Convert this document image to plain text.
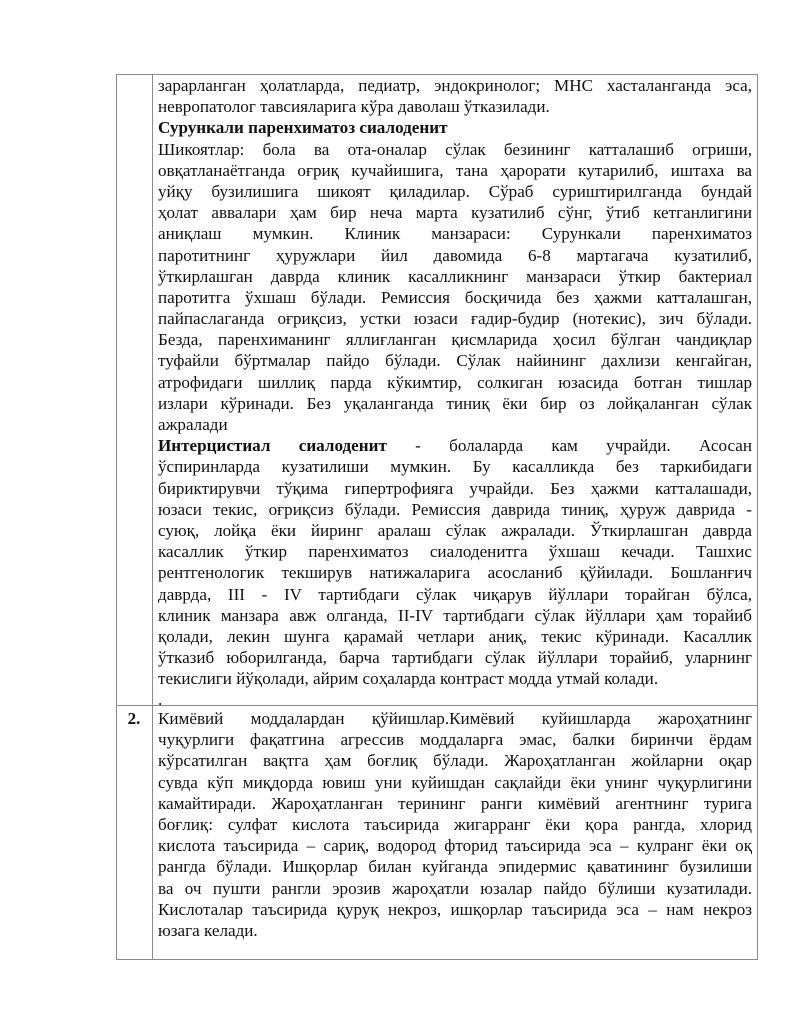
зарарланган ҳолатларда, педиатр, эндокринолог; МНС хасталанганда эса,
невропатолог тавсияларига кўра даволаш ўтказилади.
Сурункали паренхиматоз сиалоденит
Шикоятлар: бола ва ота-оналар сўлак безининг катталашиб огриши,
овқатланаётганда оғриқ кучайишига, тана ҳарорати кутарилиб, иштаха ва
уйқу бузилишига шикоят қиладилар. Сўраб суриштирилганда бундай
ҳолат аввалари ҳам бир неча марта кузатилиб сўнг, ўтиб кетганлигини
аниқлаш мумкин. Клиник манзараси: Сурункали паренхиматоз
паротитнинг ҳуружлари йил давомида 6-8 мартагача кузатилиб,
ўткирлашган даврда клиник касалликнинг манзараси ўткир бактериал
паротитга ўхшаш бўлади. Ремиссия босқичида без ҳажми катталашган,
пайпаслаганда оғриқсиз, устки юзаси ғадир-будир (нотекис), зич бўлади.
Безда, паренхиманинг яллиғланган қисмларида ҳосил бўлган чандиқлар
туфайли бўртмалар пайдо бўлади. Сўлак найининг дахлизи кенгайган,
атрофидаги шиллиқ парда кўкимтир, солкиган юзасида ботган тишлар
излари кўринади. Без уқаланганда тиниқ ёки бир оз лойқаланган сўлак
ажралади
Интерцистиал сиалоденит - болаларда кам учрайди. Асосан
ўспиринларда кузатилиши мумкин. Бу касалликда без таркибидаги
бириктирувчи тўқима гипертрофияга учрайди. Без ҳажми катталашади,
юзаси текис, оғриқсиз бўлади. Ремиссия даврида тиниқ, ҳуруж даврида -
суюқ, лойқа ёки йиринг аралаш сўлак ажралади. Ўткирлашган даврда
касаллик ўткир паренхиматоз сиалоденитга ўхшаш кечади. Ташхис
рентгенологик текширув натижаларига асосланиб қўйилади. Бошланғич
даврда, III - IV тартибдаги сўлак чиқарув йўллари торайган бўлса,
клиник манзара авж олганда, II-IV тартибдаги сўлак йўллари ҳам торайиб
қолади, лекин шунга қарамай четлари аниқ, текис кўринади. Касаллик
ўтказиб юборилганда, барча тартибдаги сўлак йўллари торайиб, уларнинг
текислиги йўқолади, айрим соҳаларда контраст модда утмай колади.
.
2.	Кимёвий моддалардан қўйишлар.Кимёвий куйишларда жароҳатнинг
чуқурлиги фақатгина агрессив моддаларга эмас, балки биринчи ёрдам
кўрсатилган вақтга ҳам боғлиқ бўлади. Жароҳатланган жойларни оқар
сувда кўп миқдорда ювиш уни куйишдан сақлайди ёки унинг чуқурлигини
камайтиради. Жароҳатланган терининг ранги кимёвий агентнинг турига
боғлиқ: сулфат кислота таъсирида жигарранг ёки қора рангда, хлорид
кислота таъсирида – сариқ, водород фторид таъсирида эса – кулранг ёки оқ
рангда бўлади. Ишқорлар билан куйганда эпидермис қаватининг бузилиши
ва оч пушти рангли эрозив жароҳатли юзалар пайдо бўлиши кузатилади.
Кислоталар таъсирида қуруқ некроз, ишқорлар таъсирида эса – нам некроз
юзага келади.
